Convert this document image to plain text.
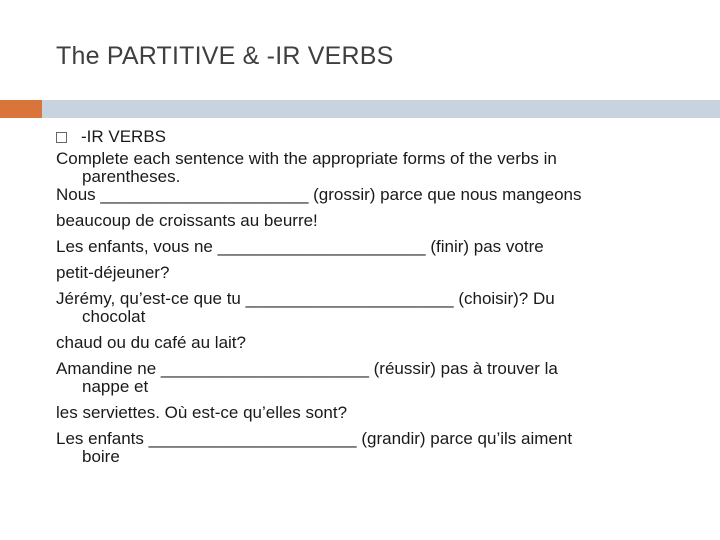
The PARTITIVE & -IR VERBS
-IR VERBS
Complete each sentence with the appropriate forms of the verbs in
parentheses.
Nous ______________________ (grossir) parce que nous mangeons
beaucoup de croissants au beurre!
Les enfants, vous ne ______________________ (finir) pas votre
petit-déjeuner?
Jérémy, qu’est-ce que tu ______________________ (choisir)? Du
chocolat
chaud ou du café au lait?
Amandine ne ______________________ (réussir) pas à trouver la
nappe et
les serviettes. Où est-ce qu’elles sont?
Les enfants ______________________ (grandir) parce qu’ils aiment
boire
